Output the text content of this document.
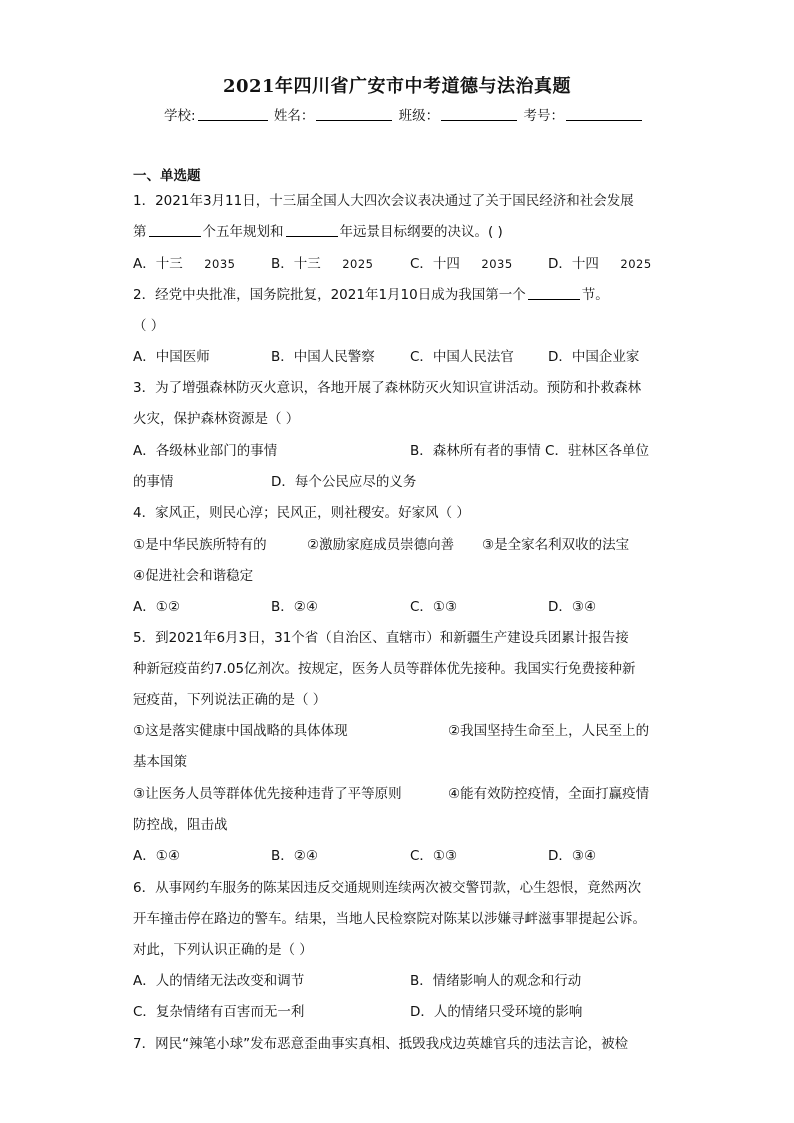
2021年四川省广安市中考道德与法治真题
学校:	姓名：	班级：	考号：
一、单选题
1．2021年3月11日，十三届全国人大四次会议表决通过了关于国民经济和社会发展
第	个五年规划和	年远景目标纲要的决议。( )
A．十三 2035	B．十三 2025	C．十四 2035	D．十四 2025
2．经党中央批准，国务院批复，2021年1月10日成为我国第一个	节。
（ ）
A．中国医师	B．中国人民警察	C．中国人民法官	D．中国企业家
3．为了增强森林防灭火意识，各地开展了森林防灭火知识宣讲活动。预防和扑救森林
火灾，保护森林资源是（ ）
A．各级林业部门的事情	B．森林所有者的事情 C．驻林区各单位
的事情	D．每个公民应尽的义务
4．家风正，则民心淳；民风正，则社稷安。好家风（ ）
①是中华民族所特有的	②激励家庭成员崇德向善 ③是全家名利双收的法宝
④促进社会和谐稳定
A．①②	B．②④	C．①③	D．③④
5．到2021年6月3日，31个省（自治区、直辖市）和新疆生产建设兵团累计报告接
种新冠疫苗约7.05亿剂次。按规定，医务人员等群体优先接种。我国实行免费接种新
冠疫苗，下列说法正确的是（ ）
①这是落实健康中国战略的具体体现	②我国坚持生命至上，人民至上的
基本国策
③让医务人员等群体优先接种违背了平等原则	④能有效防控疫情，全面打赢疫情
防控战，阻击战
A．①④	B．②④	C．①③	D．③④
6．从事网约车服务的陈某因违反交通规则连续两次被交警罚款，心生怨恨，竟然两次
开车撞击停在路边的警车。结果，当地人民检察院对陈某以涉嫌寻衅滋事罪提起公诉。
对此，下列认识正确的是（ ）
A．人的情绪无法改变和调节	B．情绪影响人的观念和行动
C．复杂情绪有百害而无一利	D．人的情绪只受环境的影响
7．网民“辣笔小球”发布恶意歪曲事实真相、抵毁我戍边英雄官兵的违法言论，被检
